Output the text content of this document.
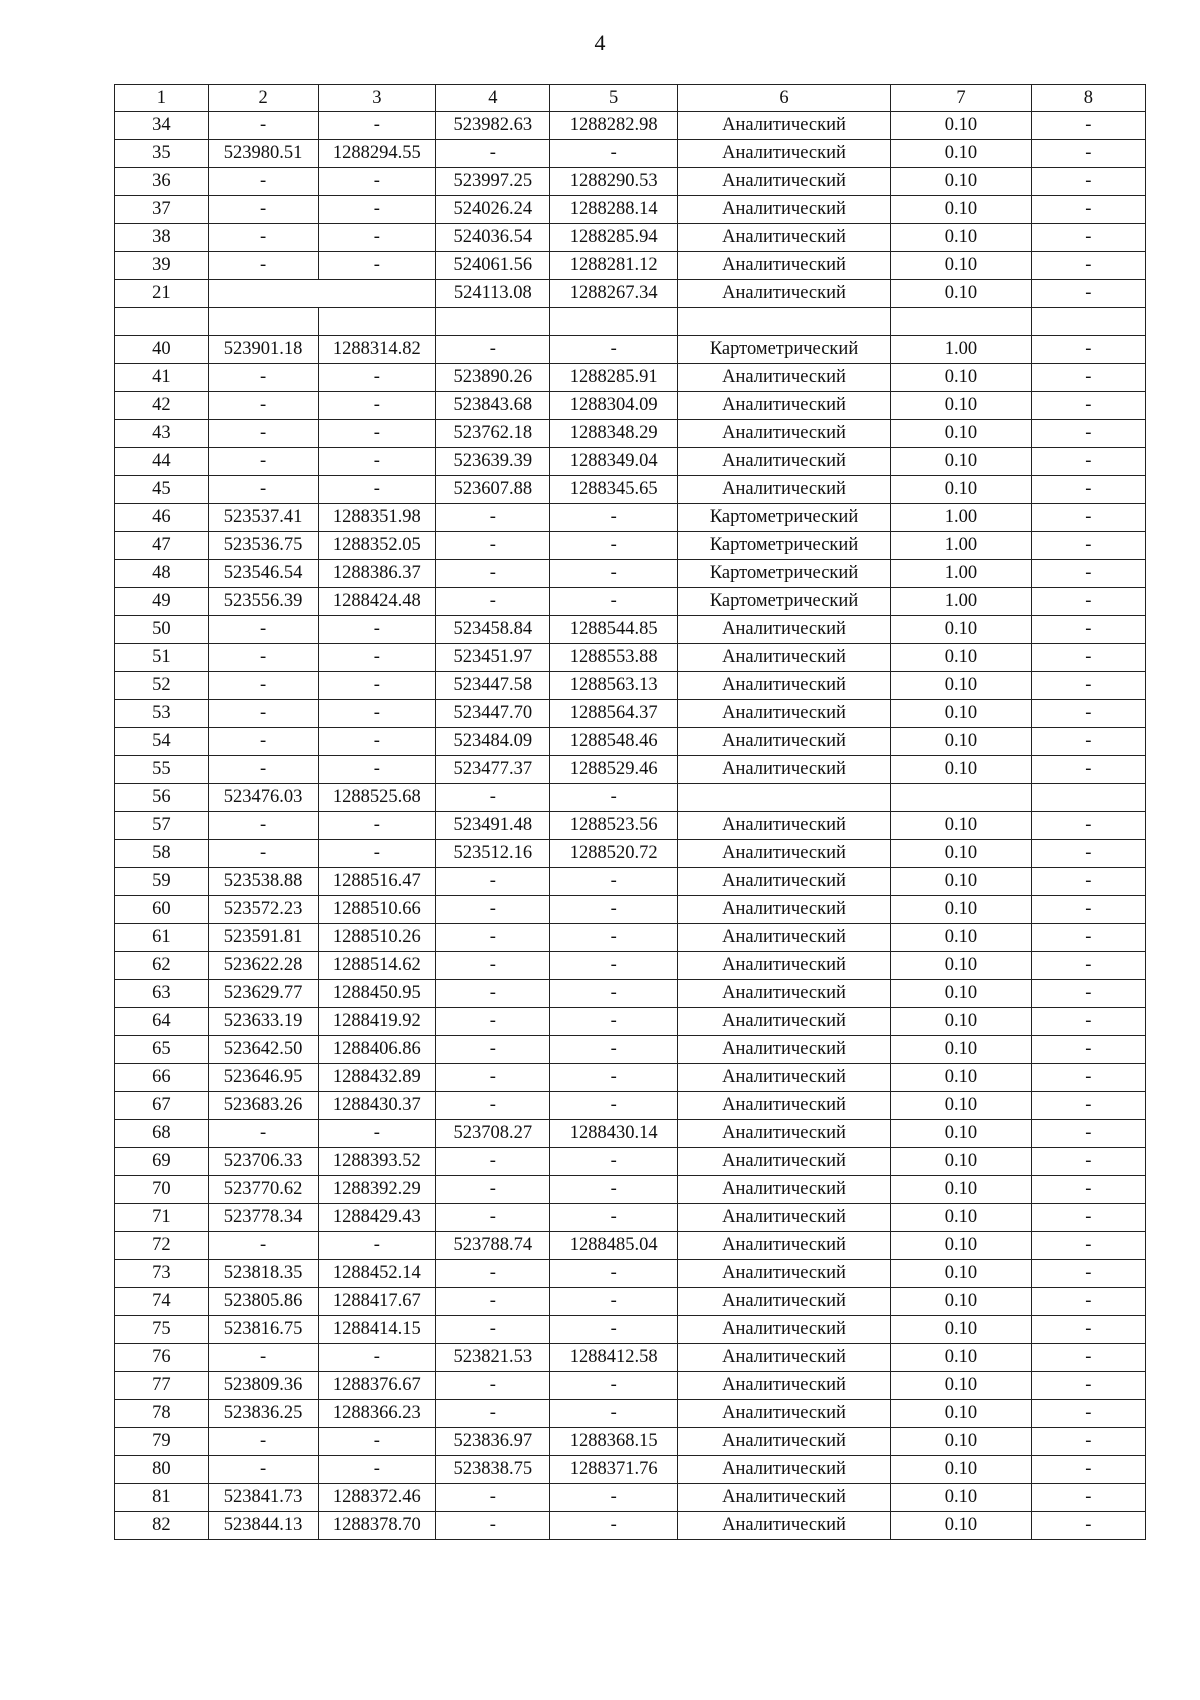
4
1	2	3	4	5	6	7	8
34	-	-	523982.63	1288282.98	Аналитический	0.10	-
35	523980.51	1288294.55	-	-	Аналитический	0.10	-
36	-	-	523997.25	1288290.53	Аналитический	0.10	-
37	-	-	524026.24	1288288.14	Аналитический	0.10	-
38	-	-	524036.54	1288285.94	Аналитический	0.10	-
39	-	-	524061.56	1288281.12	Аналитический	0.10	-
21			524113.08	1288267.34	Аналитический	0.10	-

40	523901.18	1288314.82	-	-	Картометрический	1.00	-
41	-	-	523890.26	1288285.91	Аналитический	0.10	-
42	-	-	523843.68	1288304.09	Аналитический	0.10	-
43	-	-	523762.18	1288348.29	Аналитический	0.10	-
44	-	-	523639.39	1288349.04	Аналитический	0.10	-
45	-	-	523607.88	1288345.65	Аналитический	0.10	-
46	523537.41	1288351.98	-	-	Картометрический	1.00	-
47	523536.75	1288352.05	-	-	Картометрический	1.00	-
48	523546.54	1288386.37	-	-	Картометрический	1.00	-
49	523556.39	1288424.48	-	-	Картометрический	1.00	-
50	-	-	523458.84	1288544.85	Аналитический	0.10	-
51	-	-	523451.97	1288553.88	Аналитический	0.10	-
52	-	-	523447.58	1288563.13	Аналитический	0.10	-
53	-	-	523447.70	1288564.37	Аналитический	0.10	-
54	-	-	523484.09	1288548.46	Аналитический	0.10	-
55	-	-	523477.37	1288529.46	Аналитический	0.10	-
56	523476.03	1288525.68	-	-			
57	-	-	523491.48	1288523.56	Аналитический	0.10	-
58	-	-	523512.16	1288520.72	Аналитический	0.10	-
59	523538.88	1288516.47	-	-	Аналитический	0.10	-
60	523572.23	1288510.66	-	-	Аналитический	0.10	-
61	523591.81	1288510.26	-	-	Аналитический	0.10	-
62	523622.28	1288514.62	-	-	Аналитический	0.10	-
63	523629.77	1288450.95	-	-	Аналитический	0.10	-
64	523633.19	1288419.92	-	-	Аналитический	0.10	-
65	523642.50	1288406.86	-	-	Аналитический	0.10	-
66	523646.95	1288432.89	-	-	Аналитический	0.10	-
67	523683.26	1288430.37	-	-	Аналитический	0.10	-
68	-	-	523708.27	1288430.14	Аналитический	0.10	-
69	523706.33	1288393.52	-	-	Аналитический	0.10	-
70	523770.62	1288392.29	-	-	Аналитический	0.10	-
71	523778.34	1288429.43	-	-	Аналитический	0.10	-
72	-	-	523788.74	1288485.04	Аналитический	0.10	-
73	523818.35	1288452.14	-	-	Аналитический	0.10	-
74	523805.86	1288417.67	-	-	Аналитический	0.10	-
75	523816.75	1288414.15	-	-	Аналитический	0.10	-
76	-	-	523821.53	1288412.58	Аналитический	0.10	-
77	523809.36	1288376.67	-	-	Аналитический	0.10	-
78	523836.25	1288366.23	-	-	Аналитический	0.10	-
79	-	-	523836.97	1288368.15	Аналитический	0.10	-
80	-	-	523838.75	1288371.76	Аналитический	0.10	-
81	523841.73	1288372.46	-	-	Аналитический	0.10	-
82	523844.13	1288378.70	-	-	Аналитический	0.10	-
